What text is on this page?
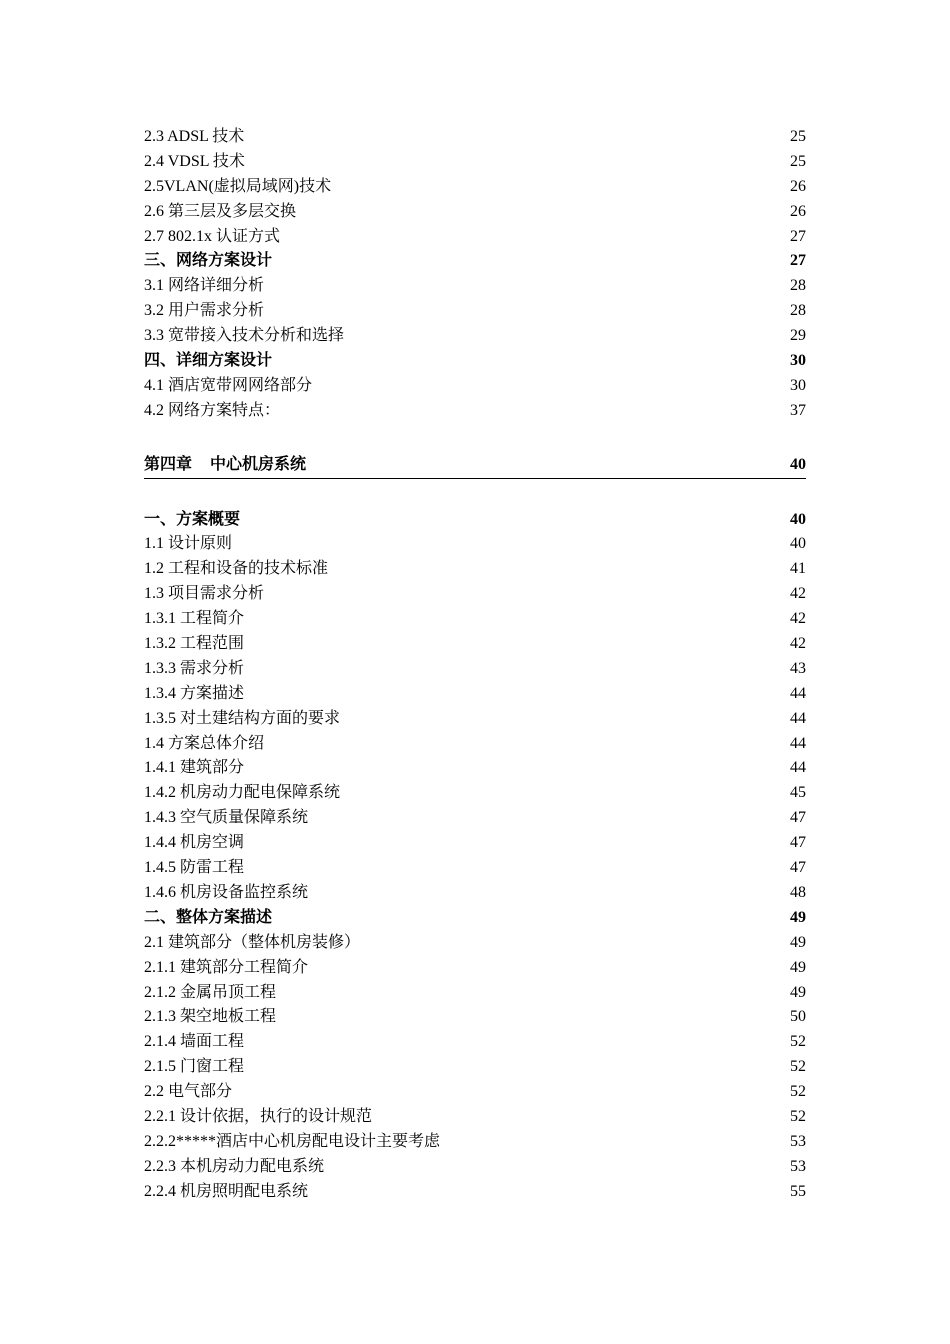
2.3 ADSL 技术	25
2.4 VDSL 技术	25
2.5VLAN(虚拟局域网)技术	26
2.6 第三层及多层交换	26
2.7 802.1x 认证方式	27
三、网络方案设计	27
3.1 网络详细分析	28
3.2 用户需求分析	28
3.3 宽带接入技术分析和选择	29
四、详细方案设计	30
4.1 酒店宽带网网络部分	30
4.2 网络方案特点：	37
第四章 中心机房系统	40
一、方案概要	40
1.1 设计原则	40
1.2 工程和设备的技术标准	41
1.3 项目需求分析	42
1.3.1 工程简介	42
1.3.2 工程范围	42
1.3.3 需求分析	43
1.3.4 方案描述	44
1.3.5 对土建结构方面的要求	44
1.4 方案总体介绍	44
1.4.1 建筑部分	44
1.4.2 机房动力配电保障系统	45
1.4.3 空气质量保障系统	47
1.4.4 机房空调	47
1.4.5 防雷工程	47
1.4.6 机房设备监控系统	48
二、整体方案描述	49
2.1 建筑部分（整体机房装修）	49
2.1.1 建筑部分工程简介	49
2.1.2 金属吊顶工程	49
2.1.3 架空地板工程	50
2.1.4 墙面工程	52
2.1.5 门窗工程	52
2.2 电气部分	52
2.2.1 设计依据，执行的设计规范	52
2.2.2*****酒店中心机房配电设计主要考虑	53
2.2.3 本机房动力配电系统	53
2.2.4 机房照明配电系统	55
